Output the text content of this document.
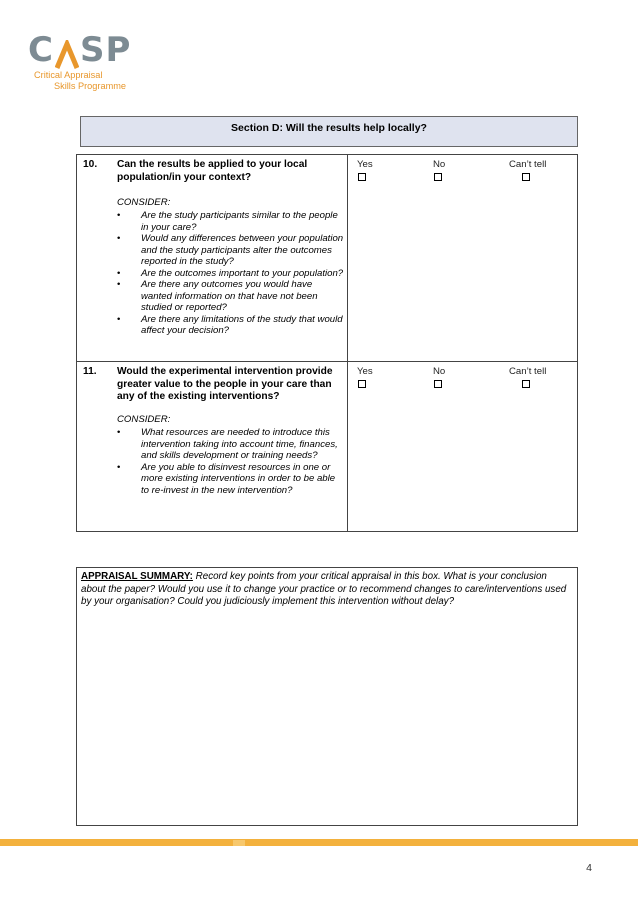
C SP
Critical Appraisal
Skills Programme
Section D: Will the results help locally?
10. Can the results be applied to your local population/in your context?
CONSIDER:
• Are the study participants similar to the people in your care?
• Would any differences between your population and the study participants alter the outcomes reported in the study?
• Are the outcomes important to your population?
• Are there any outcomes you would have wanted information on that have not been studied or reported?
• Are there any limitations of the study that would affect your decision?
Yes	No	Can’t tell
11. Would the experimental intervention provide greater value to the people in your care than any of the existing interventions?
CONSIDER:
• What resources are needed to introduce this intervention taking into account time, finances, and skills development or training needs?
• Are you able to disinvest resources in one or more existing interventions in order to be able to re-invest in the new intervention?
Yes	No	Can’t tell
APPRAISAL SUMMARY: Record key points from your critical appraisal in this box. What is your conclusion about the paper? Would you use it to change your practice or to recommend changes to care/interventions used by your organisation? Could you judiciously implement this intervention without delay?
4
